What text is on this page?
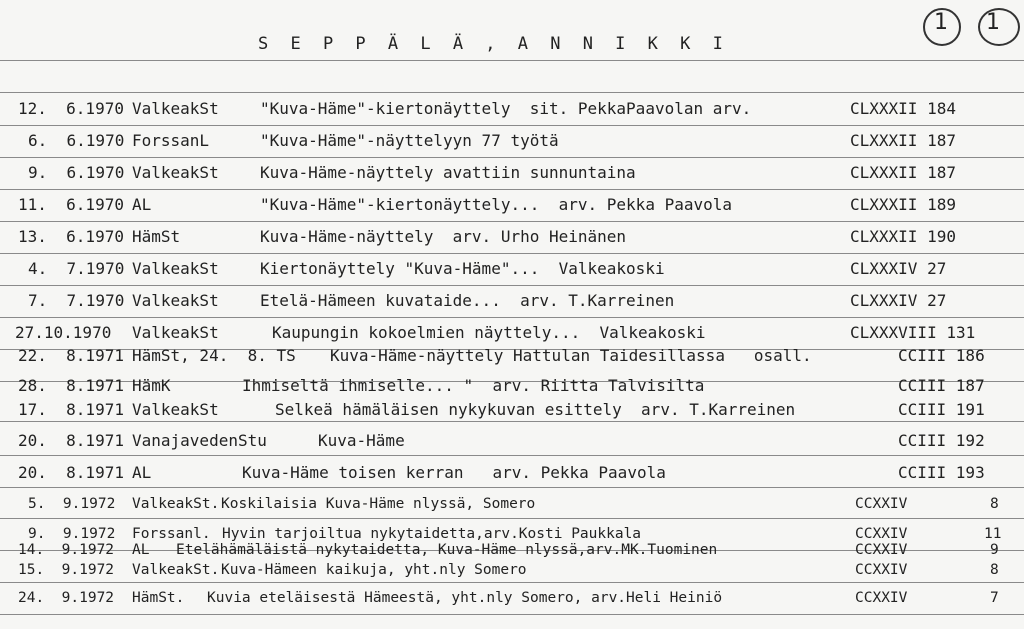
S E P P Ä L Ä , A N N I K K I
1 1
12.  6.1970 ValkeakSt	"Kuva-Häme"-kiertonäyttely  sit. PekkaPaavolan arv.	CLXXXII 184
6.  6.1970 ForssanL	"Kuva-Häme"-näyttelyyn 77 työtä	CLXXXII 187
9.  6.1970 ValkeakSt	Kuva-Häme-näyttely avattiin sunnuntaina	CLXXXII 187
11.  6.1970 AL	"Kuva-Häme"-kiertonäyttely...  arv. Pekka Paavola	CLXXXII 189
13.  6.1970 HämSt	Kuva-Häme-näyttely  arv. Urho Heinänen	CLXXXII 190
4.  7.1970 ValkeakSt	Kiertonäyttely "Kuva-Häme"...  Valkeakoski	CLXXXIV 27
7.  7.1970 ValkeakSt	Etelä-Hämeen kuvataide...  arv. T.Karreinen	CLXXXIV 27
27.10.1970 ValkeakSt	Kaupungin kokoelmien näyttely...  Valkeakoski	CLXXXVIII 131
22.  8.1971 HämSt, 24.  8. TS Kuva-Häme-näyttely Hattulan Taidesillassa   osall.	CCIII 186
28.  8.1971 HämK	Ihmiseltä ihmiselle... "  arv. Riitta Talvisilta	CCIII 187
17.  8.1971 ValkeakSt	Selkeä hämäläisen nykykuvan esittely  arv. T.Karreinen	CCIII 191
20.  8.1971 VanajavedenStu	Kuva-Häme	CCIII 192
20.  8.1971 AL	Kuva-Häme toisen kerran   arv. Pekka Paavola	CCIII 193
5.  9.1972 ValkeakSt. Koskilaisia Kuva-Häme nlyssä, Somero	CCXXIV	8
9.  9.1972 Forssanl. Hyvin tarjoiltua nykytaidetta,arv.Kosti Paukkala	CCXXIV	11
14.  9.1972 AL Etelähämäläistä nykytaidetta, Kuva-Häme nlyssä,arv.MK.Tuominen	CCXXIV	9
15.  9.1972 ValkeakSt. Kuva-Hämeen kaikuja, yht.nly Somero	CCXXIV	8
24.  9.1972 HämSt. Kuvia eteläisestä Hämeestä, yht.nly Somero, arv.Heli Heiniö	CCXXIV	7
